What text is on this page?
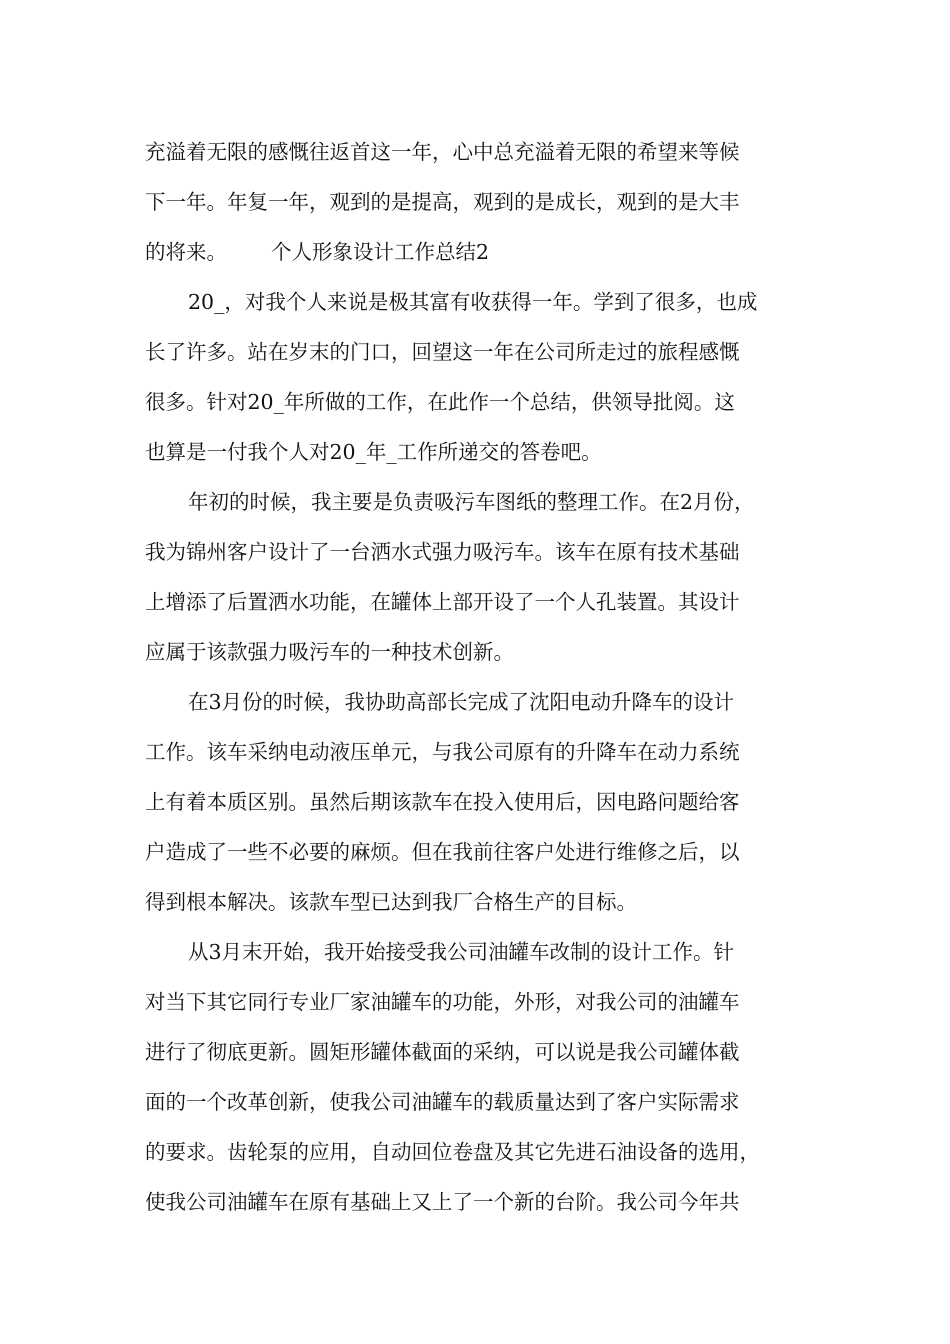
充溢着无限的感慨往返首这一年，心中总充溢着无限的希望来等候
下一年。年复一年，观到的是提高，观到的是成长，观到的是大丰
的将来。 个人形象设计工作总结2
20_，对我个人来说是极其富有收获得一年。学到了很多，也成
长了许多。站在岁末的门口，回望这一年在公司所走过的旅程感慨
很多。针对20_年所做的工作，在此作一个总结，供领导批阅。这
也算是一付我个人对20_年_工作所递交的答卷吧。
年初的时候，我主要是负责吸污车图纸的整理工作。在2月份，
我为锦州客户设计了一台洒水式强力吸污车。该车在原有技术基础
上增添了后置洒水功能，在罐体上部开设了一个人孔装置。其设计
应属于该款强力吸污车的一种技术创新。
在3月份的时候，我协助高部长完成了沈阳电动升降车的设计
工作。该车采纳电动液压单元，与我公司原有的升降车在动力系统
上有着本质区别。虽然后期该款车在投入使用后，因电路问题给客
户造成了一些不必要的麻烦。但在我前往客户处进行维修之后，以
得到根本解决。该款车型已达到我厂合格生产的目标。
从3月末开始，我开始接受我公司油罐车改制的设计工作。针
对当下其它同行专业厂家油罐车的功能，外形，对我公司的油罐车
进行了彻底更新。圆矩形罐体截面的采纳，可以说是我公司罐体截
面的一个改革创新，使我公司油罐车的载质量达到了客户实际需求
的要求。齿轮泵的应用，自动回位卷盘及其它先进石油设备的选用，
使我公司油罐车在原有基础上又上了一个新的台阶。我公司今年共
